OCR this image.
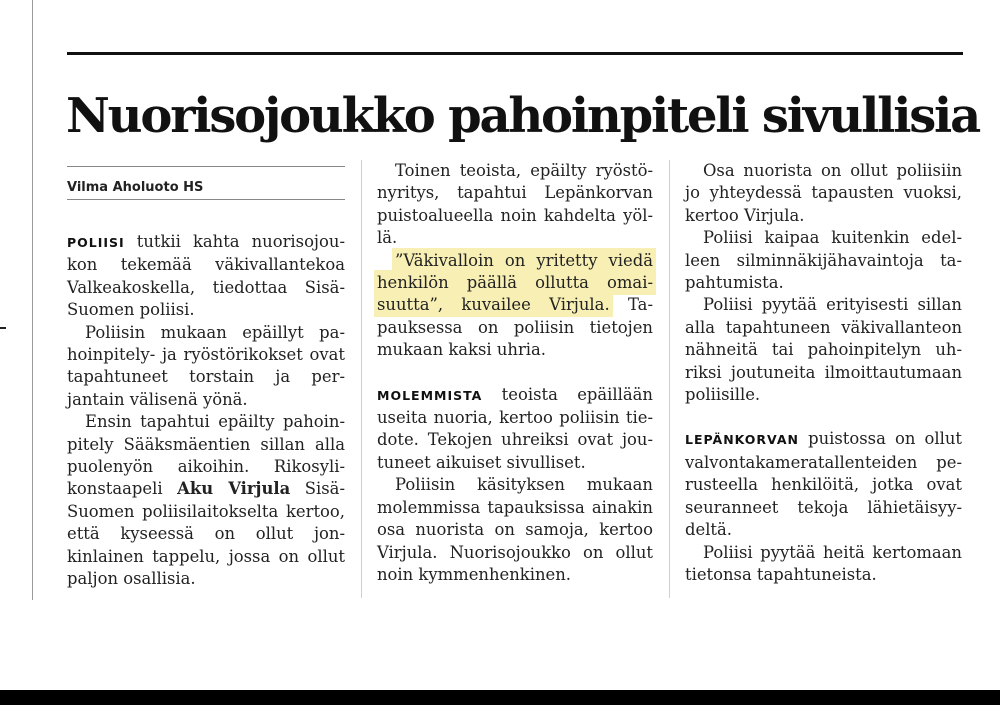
Nuorisojoukko pahoinpiteli sivullisia
Vilma Aholuoto HS

POLIISI tutkii kahta nuorisojoukon tekemää väkivallantekoa Valkeakoskella, tiedottaa Sisä-Suomen poliisi.

Poliisin mukaan epäillyt pahoinpitely- ja ryöstörikokset ovat tapahtuneet torstain ja perjantain välisenä yönä.

Ensin tapahtui epäilty pahoinpitely Sääksmäentien sillan alla puolenyön aikoihin. Rikosylikonstaapeli Aku Virjula Sisä-Suomen poliisilaitokselta kertoo, että kyseessä on ollut jonkinlainen tappelu, jossa on ollut paljon osallisia.

Toinen teoista, epäilty ryöstönyritys, tapahtui Lepänkorvan puistoalueella noin kahdelta yöllä.

”Väkivalloin on yritetty viedä henkilön päällä ollutta omaisuutta”, kuvailee Virjula. Tapauksessa on poliisin tietojen mukaan kaksi uhria.

MOLEMMISTA teoista epäillään useita nuoria, kertoo poliisin tiedote. Tekojen uhreiksi ovat joutuneet aikuiset sivulliset.

Poliisin käsityksen mukaan molemmissa tapauksissa ainakin osa nuorista on samoja, kertoo Virjula. Nuorisojoukko on ollut noin kymmenhenkinen.

Osa nuorista on ollut poliisiin jo yhteydessä tapausten vuoksi, kertoo Virjula.

Poliisi kaipaa kuitenkin edelleen silminnäkijähavaintoja tapahtumista.

Poliisi pyytää erityisesti sillan alla tapahtuneen väkivallanteon nähneitä tai pahoinpitelyn uhriksi joutuneita ilmoittautumaan poliisille.

LEPÄNKORVAN puistossa on ollut valvontakameratallenteiden perusteella henkilöitä, jotka ovat seuranneet tekoja lähietäisyydeltä.

Poliisi pyytää heitä kertomaan tietonsa tapahtuneista.
